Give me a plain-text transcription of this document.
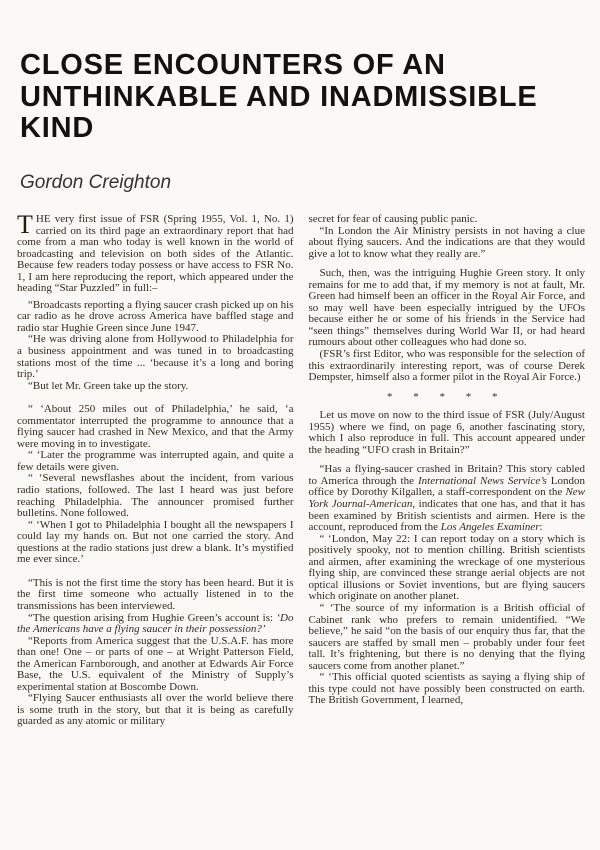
CLOSE ENCOUNTERS OF AN
UNTHINKABLE AND INADMISSIBLE
KIND
Gordon Creighton

THE very first issue of FSR (Spring 1955, Vol. 1, No. 1) carried on its third page an extraordinary report that had come from a man who today is well known in the world of broadcasting and television on both sides of the Atlantic. Because few readers today possess or have access to FSR No. 1, I am here reproducing the report, which appeared under the heading “Star Puzzled” in full:–

“Broadcasts reporting a flying saucer crash picked up on his car radio as he drove across America have baffled stage and radio star Hughie Green since June 1947.

“He was driving alone from Hollywood to Philadelphia for a business appointment and was tuned in to broadcasting stations most of the time ... ‘because it’s a long and boring trip.’

“But let Mr. Green take up the story.

“ ‘About 250 miles out of Philadelphia,’ he said, ‘a commentator interrupted the programme to announce that a flying saucer had crashed in New Mexico, and that the Army were moving in to investigate.

“ ‘Later the programme was interrupted again, and quite a few details were given.

“ ‘Several newsflashes about the incident, from various radio stations, followed. The last I heard was just before reaching Philadelphia. The announcer promised further bulletins. None followed.

“ ‘When I got to Philadelphia I bought all the newspapers I could lay my hands on. But not one carried the story. And questions at the radio stations just drew a blank. It’s mystified me ever since.’

“This is not the first time the story has been heard. But it is the first time someone who actually listened in to the transmissions has been interviewed.

“The question arising from Hughie Green’s account is: ‘Do the Americans have a flying saucer in their possession?’

“Reports from America suggest that the U.S.A.F. has more than one! One – or parts of one – at Wright Patterson Field, the American Farnborough, and another at Edwards Air Force Base, the U.S. equivalent of the Ministry of Supply’s experimental station at Boscombe Down.

“Flying Saucer enthusiasts all over the world believe there is some truth in the story, but that it is being as carefully guarded as any atomic or military

secret for fear of causing public panic.

“In London the Air Ministry persists in not having a clue about flying saucers. And the indications are that they would give a lot to know what they really are.”

Such, then, was the intriguing Hughie Green story. It only remains for me to add that, if my memory is not at fault, Mr. Green had himself been an officer in the Royal Air Force, and so may well have been especially intrigued by the UFOs because either he or some of his friends in the Service had “seen things” themselves during World War II, or had heard rumours about other colleagues who had done so.

(FSR’s first Editor, who was responsible for the selection of this extraordinarily interesting report, was of course Derek Dempster, himself also a former pilot in the Royal Air Force.)

* * * * *

Let us move on now to the third issue of FSR (July/August 1955) where we find, on page 6, another fascinating story, which I also reproduce in full. This account appeared under the heading “UFO crash in Britain?”

“Has a flying-saucer crashed in Britain? This story cabled to America through the International News Service’s London office by Dorothy Kilgallen, a staff-correspondent on the New York Journal-American, indicates that one has, and that it has been examined by British scientists and airmen. Here is the account, reproduced from the Los Angeles Examiner:

“ ‘London, May 22: I can report today on a story which is positively spooky, not to mention chilling. British scientists and airmen, after examining the wreckage of one mysterious flying ship, are convinced these strange aerial objects are not optical illusions or Soviet inventions, but are flying saucers which originate on another planet.

“ ‘The source of my information is a British official of Cabinet rank who prefers to remain unidentified. “We believe,” he said “on the basis of our enquiry thus far, that the saucers are staffed by small men – probably under four feet tall. It’s frightening, but there is no denying that the flying saucers come from another planet.”

“ ‘This official quoted scientists as saying a flying ship of this type could not have possibly been constructed on earth. The British Government, I learned,
